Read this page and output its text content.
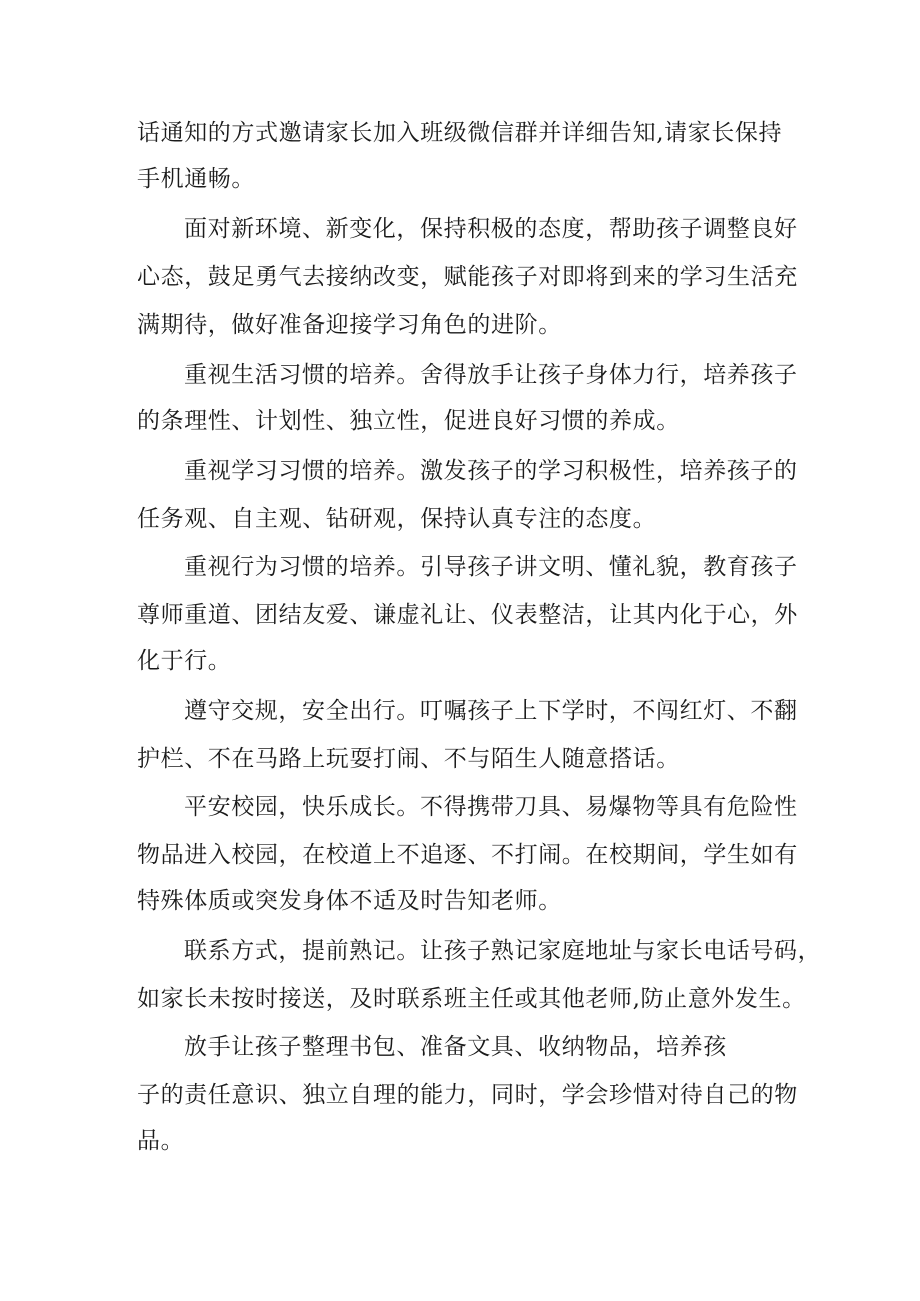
话通知的方式邀请家长加入班级微信群并详细告知,请家长保持
手机通畅。
面对新环境、新变化，保持积极的态度，帮助孩子调整良好
心态，鼓足勇气去接纳改变，赋能孩子对即将到来的学习生活充
满期待，做好准备迎接学习角色的进阶。
重视生活习惯的培养。舍得放手让孩子身体力行，培养孩子
的条理性、计划性、独立性，促进良好习惯的养成。
重视学习习惯的培养。激发孩子的学习积极性，培养孩子的
任务观、自主观、钻研观，保持认真专注的态度。
重视行为习惯的培养。引导孩子讲文明、懂礼貌，教育孩子
尊师重道、团结友爱、谦虚礼让、仪表整洁，让其内化于心，外
化于行。
遵守交规，安全出行。叮嘱孩子上下学时，不闯红灯、不翻
护栏、不在马路上玩耍打闹、不与陌生人随意搭话。
平安校园，快乐成长。不得携带刀具、易爆物等具有危险性
物品进入校园，在校道上不追逐、不打闹。在校期间，学生如有
特殊体质或突发身体不适及时告知老师。
联系方式，提前熟记。让孩子熟记家庭地址与家长电话号码，
如家长未按时接送，及时联系班主任或其他老师,防止意外发生。
放手让孩子整理书包、准备文具、收纳物品，培养孩
子的责任意识、独立自理的能力，同时，学会珍惜对待自己的物
品。
